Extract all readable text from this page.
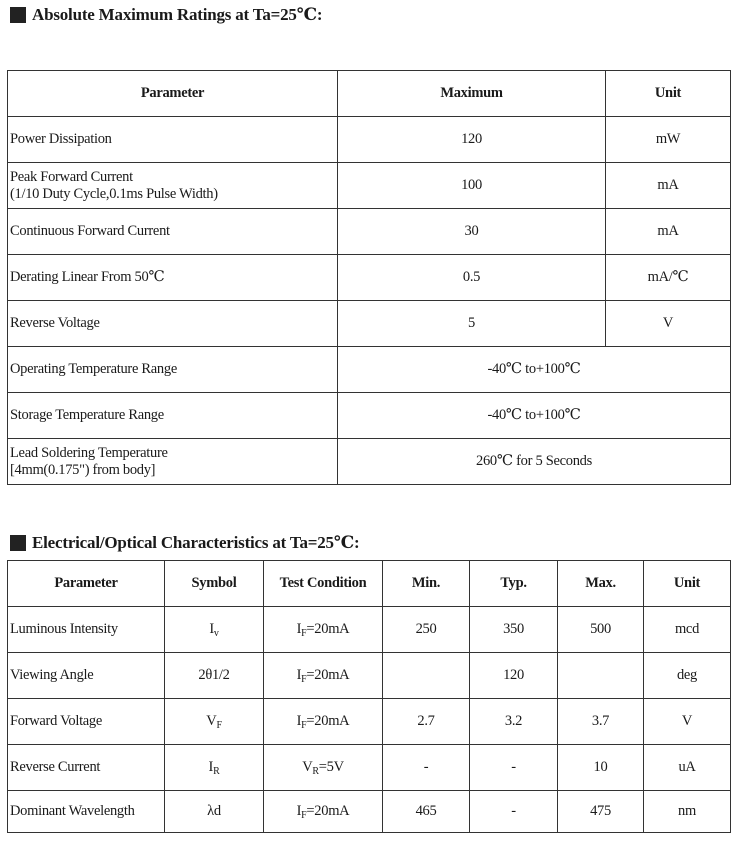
Absolute Maximum Ratings at Ta=25℃:
Parameter	Maximum	Unit
Power Dissipation	120	mW

Peak Forward Current
(1/10 Duty Cycle,0.1ms Pulse Width)	100	mA
Continuous Forward Current	30	mA
Derating Linear From 50℃	0.5	mA/℃
Reverse Voltage	5	V
Operating Temperature Range	-40℃ to+100℃	
Storage Temperature Range	-40℃ to+100℃	

Lead Soldering Temperature
[4mm(0.175") from body]	260℃ for 5 Seconds	
Electrical/Optical Characteristics at Ta=25℃:
Parameter	Symbol	Test Condition	Min.	Typ.	Max.	Unit
Luminous Intensity	$I_v$	$I_F=20mA$	250	350	500	mcd
Viewing Angle	2θ1/2	$I_F=20mA$		120		deg
Forward Voltage	$V_F$	$I_F=20mA$	2.7	3.2	3.7	V
Reverse Current	$I_R$	$V_R=5V$	-	-	10	uA
Dominant Wavelength	λd	$I_F=20mA$	465	-	475	nm
